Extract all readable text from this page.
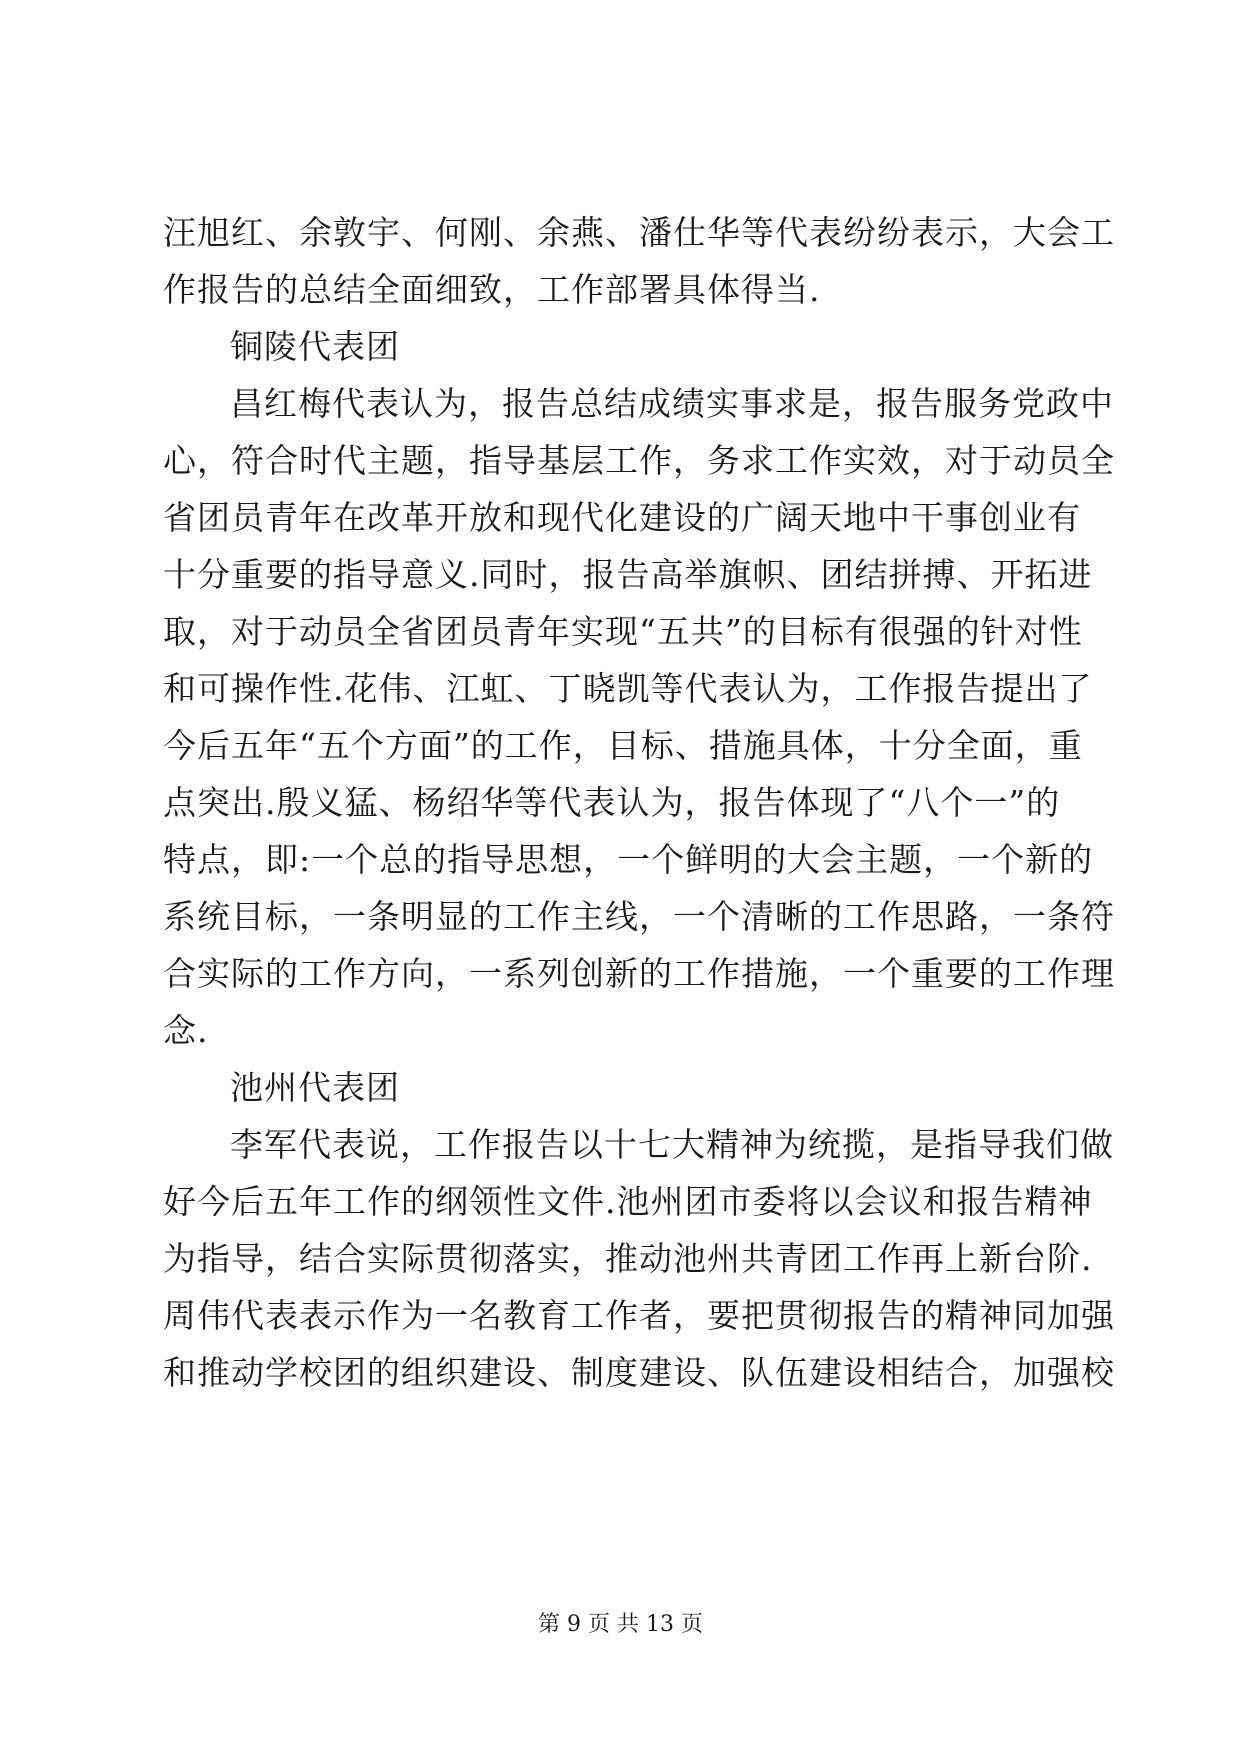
汪旭红、余敦宇、何刚、余燕、潘仕华等代表纷纷表示，大会工
作报告的总结全面细致，工作部署具体得当.
铜陵代表团
昌红梅代表认为，报告总结成绩实事求是，报告服务党政中
心，符合时代主题，指导基层工作，务求工作实效，对于动员全
省团员青年在改革开放和现代化建设的广阔天地中干事创业有
十分重要的指导意义.同时，报告高举旗帜、团结拼搏、开拓进
取，对于动员全省团员青年实现“五共”的目标有很强的针对性
和可操作性.花伟、江虹、丁晓凯等代表认为，工作报告提出了
今后五年“五个方面”的工作，目标、措施具体，十分全面，重
点突出.殷义猛、杨绍华等代表认为，报告体现了“八个一”的
特点，即:一个总的指导思想，一个鲜明的大会主题，一个新的
系统目标，一条明显的工作主线，一个清晰的工作思路，一条符
合实际的工作方向，一系列创新的工作措施，一个重要的工作理
念.
池州代表团
李军代表说，工作报告以十七大精神为统揽，是指导我们做
好今后五年工作的纲领性文件.池州团市委将以会议和报告精神
为指导，结合实际贯彻落实，推动池州共青团工作再上新台阶.
周伟代表表示作为一名教育工作者，要把贯彻报告的精神同加强
和推动学校团的组织建设、制度建设、队伍建设相结合，加强校
第 9 页 共 13 页
